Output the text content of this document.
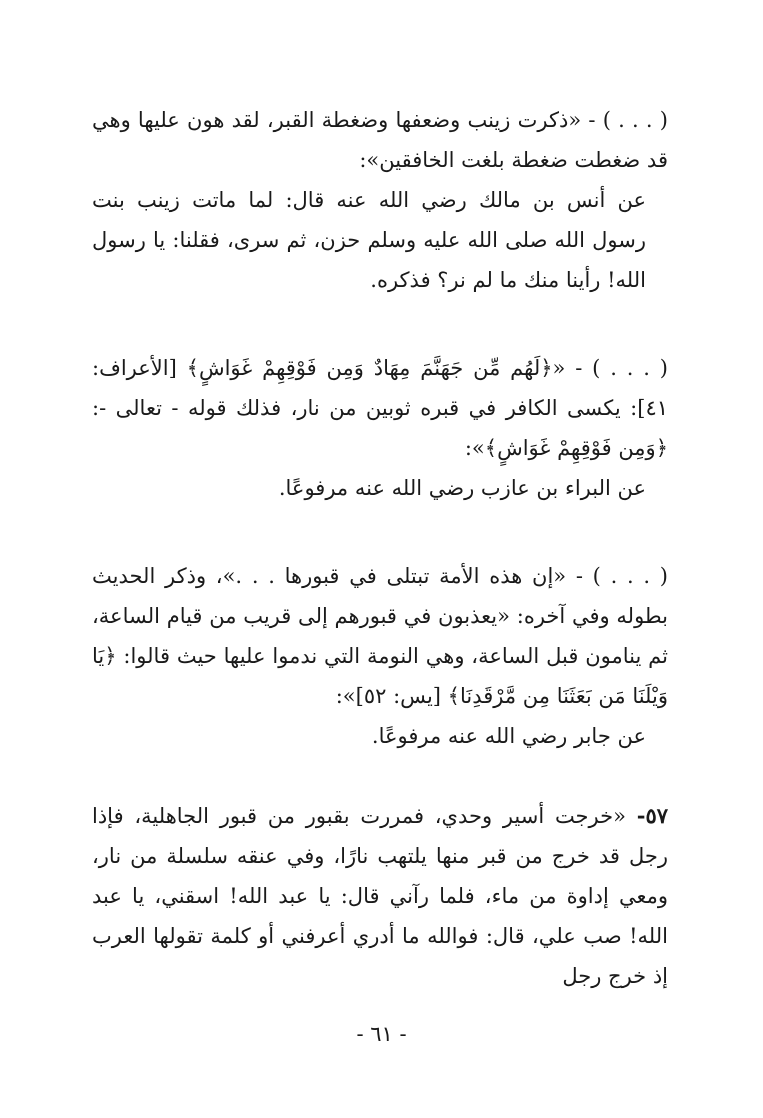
( . . . ) - «ذكرت زينب وضعفها وضغطة القبر، لقد هون عليها وهي قد ضغطت ضغطة بلغت الخافقين»:

عن أنس بن مالك رضي الله عنه قال: لما ماتت زينب بنت رسول الله صلى الله عليه وسلم حزن، ثم سرى، فقلنا: يا رسول الله! رأينا منك ما لم نر؟ فذكره.

( . . . ) - «﴿لَهُم مِّن جَهَنَّمَ مِهَادٌ وَمِن فَوْقِهِمْ غَوَاشٍ﴾ [الأعراف: ٤١]: يكسى الكافر في قبره ثوبين من نار، فذلك قوله - تعالى -: ﴿وَمِن فَوْقِهِمْ غَوَاشٍ﴾»:

عن البراء بن عازب رضي الله عنه مرفوعًا.

( . . . ) - «إن هذه الأمة تبتلى في قبورها . . .»، وذكر الحديث بطوله وفي آخره: «يعذبون في قبورهم إلى قريب من قيام الساعة، ثم ينامون قبل الساعة، وهي النومة التي ندموا عليها حيث قالوا: ﴿يَا وَيْلَنَا مَن بَعَثَنَا مِن مَّرْقَدِنَا﴾ [يس: ٥٢]»:

عن جابر رضي الله عنه مرفوعًا.

٥٧- «خرجت أسير وحدي، فمررت بقبور من قبور الجاهلية، فإذا رجل قد خرج من قبر منها يلتهب نارًا، وفي عنقه سلسلة من نار، ومعي إداوة من ماء، فلما رآني قال: يا عبد الله! اسقني، يا عبد الله! صب علي، قال: فوالله ما أدري أعرفني أو كلمة تقولها العرب إذ خرج رجل

- ٦١ -
